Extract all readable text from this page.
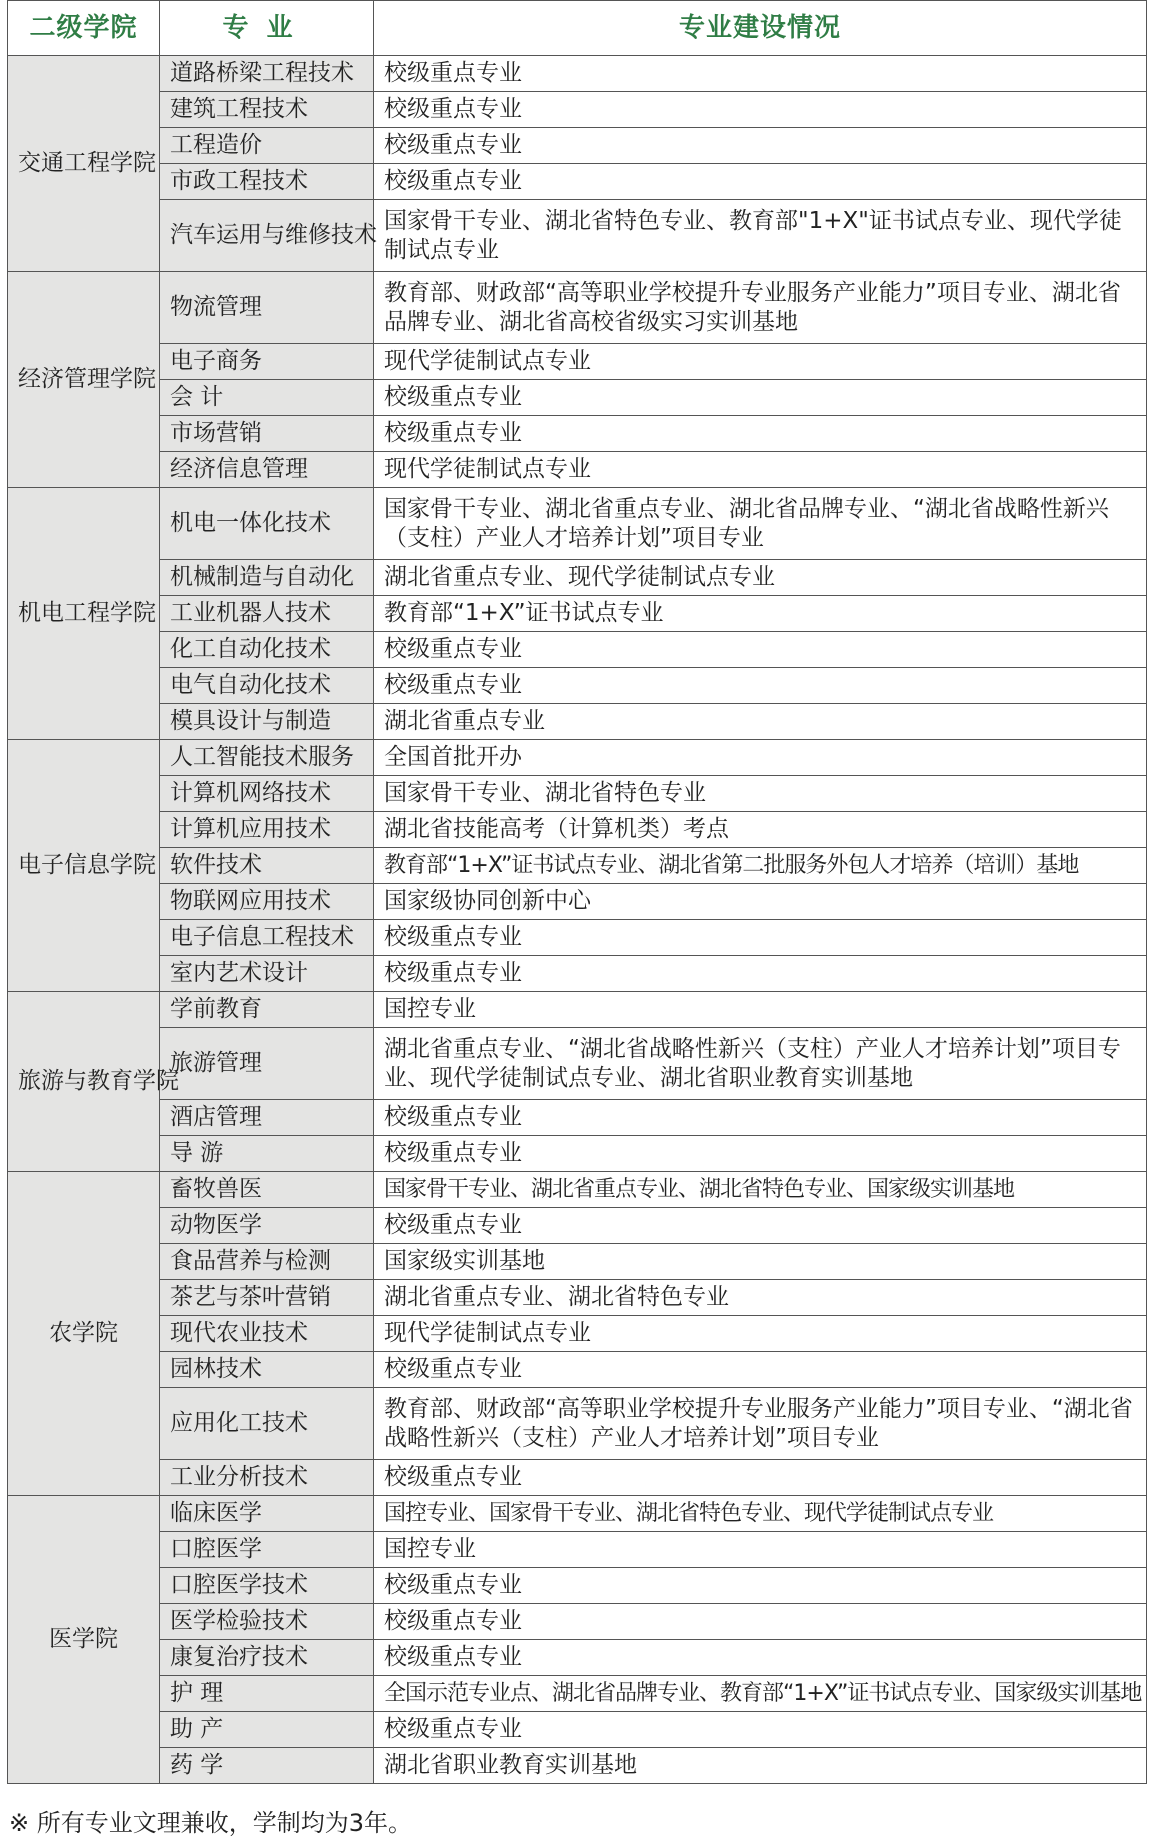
二级学院	专业	专业建设情况
交通工程学院	道路桥梁工程技术	校级重点专业
	建筑工程技术	校级重点专业
	工程造价	校级重点专业
	市政工程技术	校级重点专业
	汽车运用与维修技术	国家骨干专业、湖北省特色专业、教育部"1+X"证书试点专业、现代学徒制试点专业
经济管理学院	物流管理	教育部、财政部“高等职业学校提升专业服务产业能力”项目专业、湖北省品牌专业、湖北省高校省级实习实训基地
	电子商务	现代学徒制试点专业
	会 计	校级重点专业
	市场营销	校级重点专业
	经济信息管理	现代学徒制试点专业
机电工程学院	机电一体化技术	国家骨干专业、湖北省重点专业、湖北省品牌专业、“湖北省战略性新兴（支柱）产业人才培养计划”项目专业
	机械制造与自动化	湖北省重点专业、现代学徒制试点专业
	工业机器人技术	教育部“1+X”证书试点专业
	化工自动化技术	校级重点专业
	电气自动化技术	校级重点专业
	模具设计与制造	湖北省重点专业
电子信息学院	人工智能技术服务	全国首批开办
	计算机网络技术	国家骨干专业、湖北省特色专业
	计算机应用技术	湖北省技能高考（计算机类）考点
	软件技术	教育部“1+X”证书试点专业、湖北省第二批服务外包人才培养（培训）基地
	物联网应用技术	国家级协同创新中心
	电子信息工程技术	校级重点专业
	室内艺术设计	校级重点专业
旅游与教育学院	学前教育	国控专业
	旅游管理	湖北省重点专业、“湖北省战略性新兴（支柱）产业人才培养计划”项目专业、现代学徒制试点专业、湖北省职业教育实训基地
	酒店管理	校级重点专业
	导 游	校级重点专业
农学院	畜牧兽医	国家骨干专业、湖北省重点专业、湖北省特色专业、国家级实训基地
	动物医学	校级重点专业
	食品营养与检测	国家级实训基地
	茶艺与茶叶营销	湖北省重点专业、湖北省特色专业
	现代农业技术	现代学徒制试点专业
	园林技术	校级重点专业
	应用化工技术	教育部、财政部“高等职业学校提升专业服务产业能力”项目专业、“湖北省战略性新兴（支柱）产业人才培养计划”项目专业
	工业分析技术	校级重点专业
医学院	临床医学	国控专业、国家骨干专业、湖北省特色专业、现代学徒制试点专业
	口腔医学	国控专业
	口腔医学技术	校级重点专业
	医学检验技术	校级重点专业
	康复治疗技术	校级重点专业
	护 理	全国示范专业点、湖北省品牌专业、教育部“1+X”证书试点专业、国家级实训基地
	助 产	校级重点专业
	药 学	湖北省职业教育实训基地
※ 所有专业文理兼收，学制均为3年。
